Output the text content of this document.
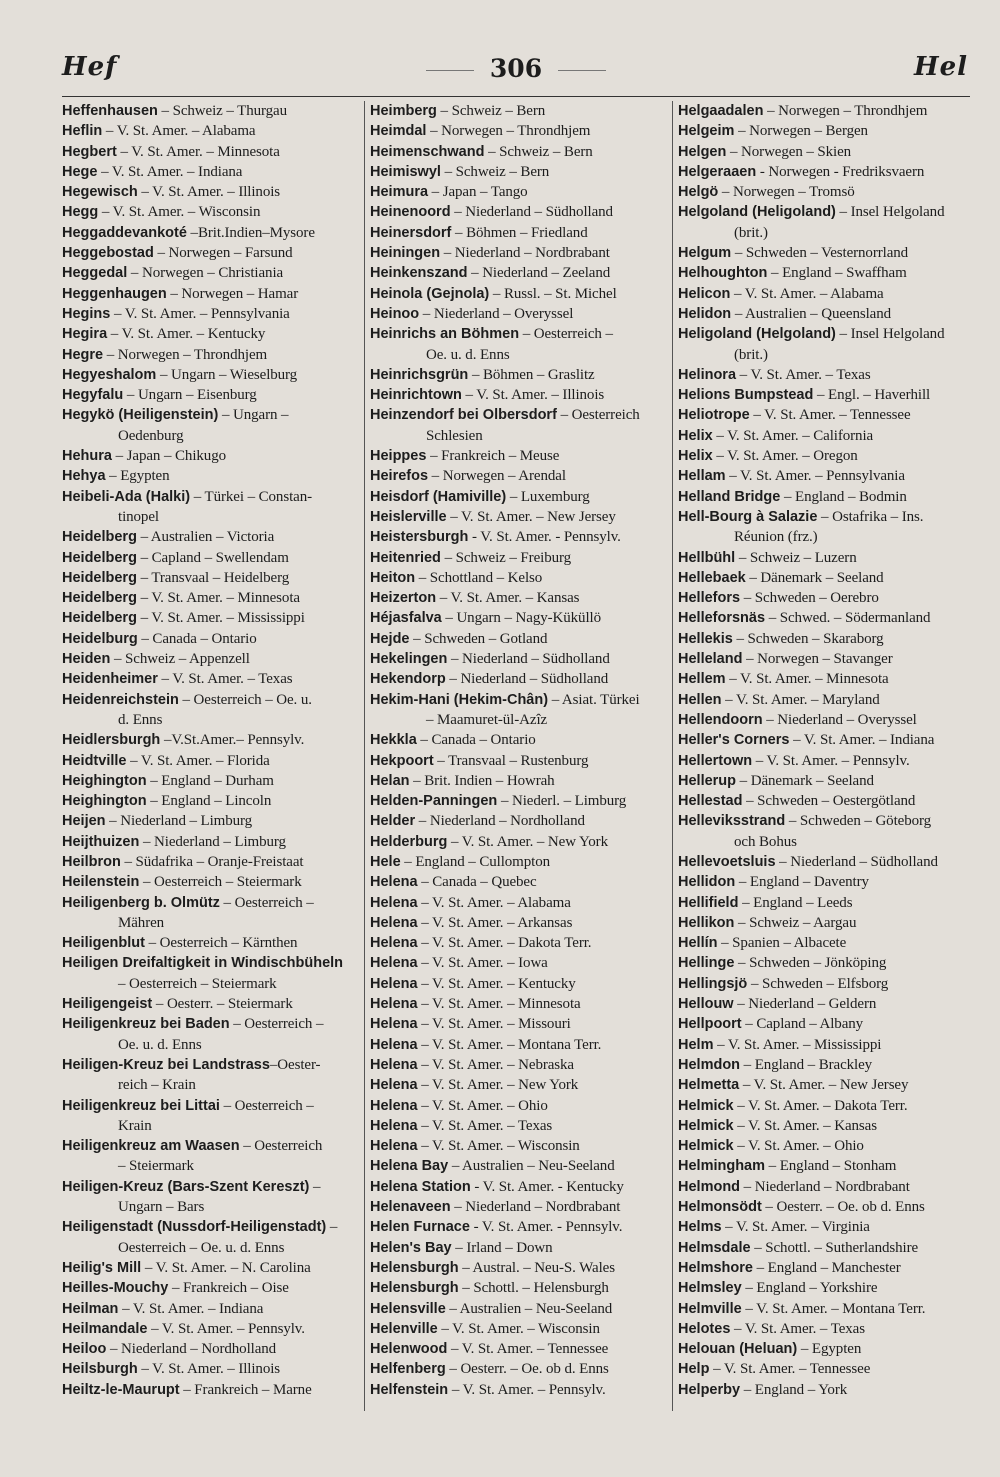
Hef	306	Hel

Heffenhausen – Schweiz – Thurgau

Heflin – V. St. Amer. – Alabama

Hegbert – V. St. Amer. – Minnesota

Hege – V. St. Amer. – Indiana

Hegewisch – V. St. Amer. – Illinois

Hegg – V. St. Amer. – Wisconsin

Heggaddevankoté –Brit.Indien–Mysore

Heggebostad – Norwegen – Farsund

Heggedal – Norwegen – Christiania

Heggenhaugen – Norwegen – Hamar

Hegins – V. St. Amer. – Pennsylvania

Hegira – V. St. Amer. – Kentucky

Hegre – Norwegen – Throndhjem

Hegyeshalom – Ungarn – Wieselburg

Hegyfalu – Ungarn – Eisenburg

Hegykö (Heiligenstein) – Ungarn –

Oedenburg

Hehura – Japan – Chikugo

Hehya – Egypten

Heibeli-Ada (Halki) – Türkei – Constan-

tinopel

Heidelberg – Australien – Victoria

Heidelberg – Capland – Swellendam

Heidelberg – Transvaal – Heidelberg

Heidelberg – V. St. Amer. – Minnesota

Heidelberg – V. St. Amer. – Mississippi

Heidelburg – Canada – Ontario

Heiden – Schweiz – Appenzell

Heidenheimer – V. St. Amer. – Texas

Heidenreichstein – Oesterreich – Oe. u.

d. Enns

Heidlersburgh –V.St.Amer.– Pennsylv.

Heidtville – V. St. Amer. – Florida

Heighington – England – Durham

Heighington – England – Lincoln

Heijen – Niederland – Limburg

Heijthuizen – Niederland – Limburg

Heilbron – Südafrika – Oranje-Freistaat

Heilenstein – Oesterreich – Steiermark

Heiligenberg b. Olmütz – Oesterreich –

Mähren

Heiligenblut – Oesterreich – Kärnthen

Heiligen Dreifaltigkeit in Windischbüheln

– Oesterreich – Steiermark

Heiligengeist – Oesterr. – Steiermark

Heiligenkreuz bei Baden – Oesterreich –

Oe. u. d. Enns

Heiligen-Kreuz bei Landstrass–Oester-

reich – Krain

Heiligenkreuz bei Littai – Oesterreich –

Krain

Heiligenkreuz am Waasen – Oesterreich

– Steiermark

Heiligen-Kreuz (Bars-Szent Kereszt) –

Ungarn – Bars

Heiligenstadt (Nussdorf-Heiligenstadt) –

Oesterreich – Oe. u. d. Enns

Heilig's Mill – V. St. Amer. – N. Carolina

Heilles-Mouchy – Frankreich – Oise

Heilman – V. St. Amer. – Indiana

Heilmandale – V. St. Amer. – Pennsylv.

Heiloo – Niederland – Nordholland

Heilsburgh – V. St. Amer. – Illinois

Heiltz-le-Maurupt – Frankreich – Marne

Heimberg – Schweiz – Bern

Heimdal – Norwegen – Throndhjem

Heimenschwand – Schweiz – Bern

Heimiswyl – Schweiz – Bern

Heimura – Japan – Tango

Heinenoord – Niederland – Südholland

Heinersdorf – Böhmen – Friedland

Heiningen – Niederland – Nordbrabant

Heinkenszand – Niederland – Zeeland

Heinola (Gejnola) – Russl. – St. Michel

Heinoo – Niederland – Overyssel

Heinrichs an Böhmen – Oesterreich –

Oe. u. d. Enns

Heinrichsgrün – Böhmen – Graslitz

Heinrichtown – V. St. Amer. – Illinois

Heinzendorf bei Olbersdorf – Oesterreich

Schlesien

Heippes – Frankreich – Meuse

Heirefos – Norwegen – Arendal

Heisdorf (Hamiville) – Luxemburg

Heislerville – V. St. Amer. – New Jersey

Heistersburgh - V. St. Amer. - Pennsylv.

Heitenried – Schweiz – Freiburg

Heiton – Schottland – Kelso

Heizerton – V. St. Amer. – Kansas

Héjasfalva – Ungarn – Nagy-Küküllö

Hejde – Schweden – Gotland

Hekelingen – Niederland – Südholland

Hekendorp – Niederland – Südholland

Hekim-Hani (Hekim-Chân) – Asiat. Türkei

– Maamuret-ül-Azîz

Hekkla – Canada – Ontario

Hekpoort – Transvaal – Rustenburg

Helan – Brit. Indien – Howrah

Helden-Panningen – Niederl. – Limburg

Helder – Niederland – Nordholland

Helderburg – V. St. Amer. – New York

Hele – England – Cullompton

Helena – Canada – Quebec

Helena – V. St. Amer. – Alabama

Helena – V. St. Amer. – Arkansas

Helena – V. St. Amer. – Dakota Terr.

Helena – V. St. Amer. – Iowa

Helena – V. St. Amer. – Kentucky

Helena – V. St. Amer. – Minnesota

Helena – V. St. Amer. – Missouri

Helena – V. St. Amer. – Montana Terr.

Helena – V. St. Amer. – Nebraska

Helena – V. St. Amer. – New York

Helena – V. St. Amer. – Ohio

Helena – V. St. Amer. – Texas

Helena – V. St. Amer. – Wisconsin

Helena Bay – Australien – Neu-Seeland

Helena Station - V. St. Amer. - Kentucky

Helenaveen – Niederland – Nordbrabant

Helen Furnace - V. St. Amer. - Pennsylv.

Helen's Bay – Irland – Down

Helensburgh – Austral. – Neu-S. Wales

Helensburgh – Schottl. – Helensburgh

Helensville – Australien – Neu-Seeland

Helenville – V. St. Amer. – Wisconsin

Helenwood – V. St. Amer. – Tennessee

Helfenberg – Oesterr. – Oe. ob d. Enns

Helfenstein – V. St. Amer. – Pennsylv.

Helgaadalen – Norwegen – Throndhjem

Helgeim – Norwegen – Bergen

Helgen – Norwegen – Skien

Helgeraaen - Norwegen - Fredriksvaern

Helgö – Norwegen – Tromsö

Helgoland (Heligoland) – Insel Helgoland

(brit.)

Helgum – Schweden – Vesternorrland

Helhoughton – England – Swaffham

Helicon – V. St. Amer. – Alabama

Helidon – Australien – Queensland

Heligoland (Helgoland) – Insel Helgoland

(brit.)

Helinora – V. St. Amer. – Texas

Helions Bumpstead – Engl. – Haverhill

Heliotrope – V. St. Amer. – Tennessee

Helix – V. St. Amer. – California

Helix – V. St. Amer. – Oregon

Hellam – V. St. Amer. – Pennsylvania

Helland Bridge – England – Bodmin

Hell-Bourg à Salazie – Ostafrika – Ins.

Réunion (frz.)

Hellbühl – Schweiz – Luzern

Hellebaek – Dänemark – Seeland

Hellefors – Schweden – Oerebro

Helleforsnäs – Schwed. – Södermanland

Hellekis – Schweden – Skaraborg

Helleland – Norwegen – Stavanger

Hellem – V. St. Amer. – Minnesota

Hellen – V. St. Amer. – Maryland

Hellendoorn – Niederland – Overyssel

Heller's Corners – V. St. Amer. – Indiana

Hellertown – V. St. Amer. – Pennsylv.

Hellerup – Dänemark – Seeland

Hellestad – Schweden – Oestergötland

Helleviksstrand – Schweden – Göteborg

och Bohus

Hellevoetsluis – Niederland – Südholland

Hellidon – England – Daventry

Hellifield – England – Leeds

Hellikon – Schweiz – Aargau

Hellín – Spanien – Albacete

Hellinge – Schweden – Jönköping

Hellingsjö – Schweden – Elfsborg

Hellouw – Niederland – Geldern

Hellpoort – Capland – Albany

Helm – V. St. Amer. – Mississippi

Helmdon – England – Brackley

Helmetta – V. St. Amer. – New Jersey

Helmick – V. St. Amer. – Dakota Terr.

Helmick – V. St. Amer. – Kansas

Helmick – V. St. Amer. – Ohio

Helmingham – England – Stonham

Helmond – Niederland – Nordbrabant

Helmonsödt – Oesterr. – Oe. ob d. Enns

Helms – V. St. Amer. – Virginia

Helmsdale – Schottl. – Sutherlandshire

Helmshore – England – Manchester

Helmsley – England – Yorkshire

Helmville – V. St. Amer. – Montana Terr.

Helotes – V. St. Amer. – Texas

Helouan (Heluan) – Egypten

Help – V. St. Amer. – Tennessee

Helperby – England – York
